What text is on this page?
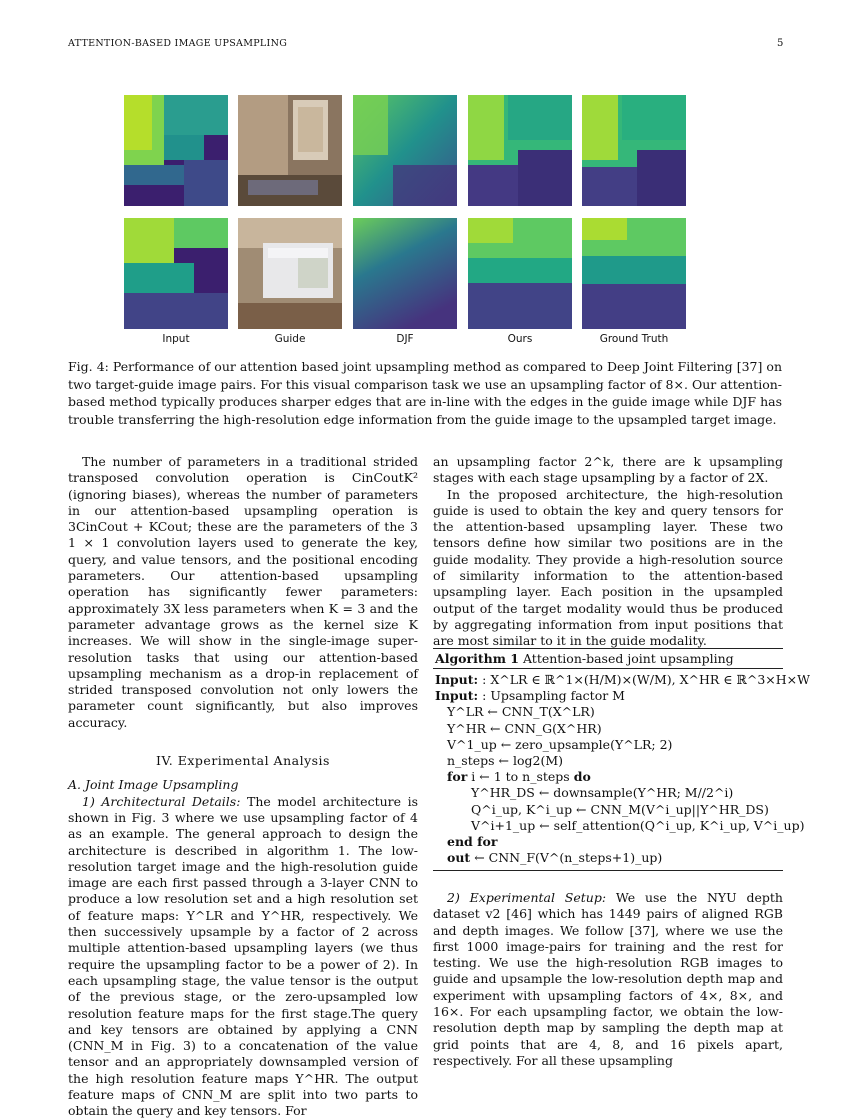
ATTENTION-BASED IMAGE UPSAMPLING	5
Input	Guide	DJF	Ours	Ground Truth
Fig. 4: Performance of our attention based joint upsampling method as compared to Deep Joint Filtering [37] on two target-guide image pairs. For this visual comparison task we use an upsampling factor of 8×. Our attention-based method typically produces sharper edges that are in-line with the edges in the guide image while DJF has trouble transferring the high-resolution edge information from the guide image to the upsampled target image.

The number of parameters in a traditional strided transposed convolution operation is CinCoutK² (ignoring biases), whereas the number of parameters in our attention-based upsampling operation is 3CinCout + KCout; these are the parameters of the 3 1 × 1 convolution layers used to generate the key, query, and value tensors, and the positional encoding parameters. Our attention-based upsampling operation has significantly fewer parameters: approximately 3X less parameters when K = 3 and the parameter advantage grows as the kernel size K increases. We will show in the single-image super-resolution tasks that using our attention-based upsampling mechanism as a drop-in replacement of strided transposed convolution not only lowers the parameter count significantly, but also improves accuracy.

IV. Experimental Analysis

A. Joint Image Upsampling

1) Architectural Details: The model architecture is shown in Fig. 3 where we use upsampling factor of 4 as an example. The general approach to design the architecture is described in algorithm 1. The low-resolution target image and the high-resolution guide image are each first passed through a 3-layer CNN to produce a low resolution set and a high resolution set of feature maps: Y^LR and Y^HR, respectively. We then successively upsample by a factor of 2 across multiple attention-based upsampling layers (we thus require the upsampling factor to be a power of 2). In each upsampling stage, the value tensor is the output of the previous stage, or the zero-upsampled low resolution feature maps for the first stage.The query and key tensors are obtained by applying a CNN (CNN_M in Fig. 3) to a concatenation of the value tensor and an appropriately downsampled version of the high resolution feature maps Y^HR. The output feature maps of CNN_M are split into two parts to obtain the query and key tensors. For

an upsampling factor 2^k, there are k upsampling stages with each stage upsampling by a factor of 2X.

In the proposed architecture, the high-resolution guide is used to obtain the key and query tensors for the attention-based upsampling layer. These two tensors define how similar two positions are in the guide modality. They provide a high-resolution source of similarity information to the attention-based upsampling layer. Each position in the upsampled output of the target modality would thus be produced by aggregating information from input positions that are most similar to it in the guide modality.

Algorithm 1 Attention-based joint upsampling
Input: : X^LR ∈ ℝ^1×(H/M)×(W/M), X^HR ∈ ℝ^3×H×W
Input: : Upsampling factor M
Y^LR ← CNN_T(X^LR)
Y^HR ← CNN_G(X^HR)
V^1_up ← zero_upsample(Y^LR; 2)
n_steps ← log2(M)
for i ← 1 to n_steps do
Y^HR_DS ← downsample(Y^HR; M//2^i)
Q^i_up, K^i_up ← CNN_M(V^i_up||Y^HR_DS)
V^i+1_up ← self_attention(Q^i_up, K^i_up, V^i_up)
end for
out ← CNN_F(V^(n_steps+1)_up)

2) Experimental Setup: We use the NYU depth dataset v2 [46] which has 1449 pairs of aligned RGB and depth images. We follow [37], where we use the first 1000 image-pairs for training and the rest for testing. We use the high-resolution RGB images to guide and upsample the low-resolution depth map and experiment with upsampling factors of 4×, 8×, and 16×. For each upsampling factor, we obtain the low-resolution depth map by sampling the depth map at grid points that are 4, 8, and 16 pixels apart, respectively. For all these upsampling
